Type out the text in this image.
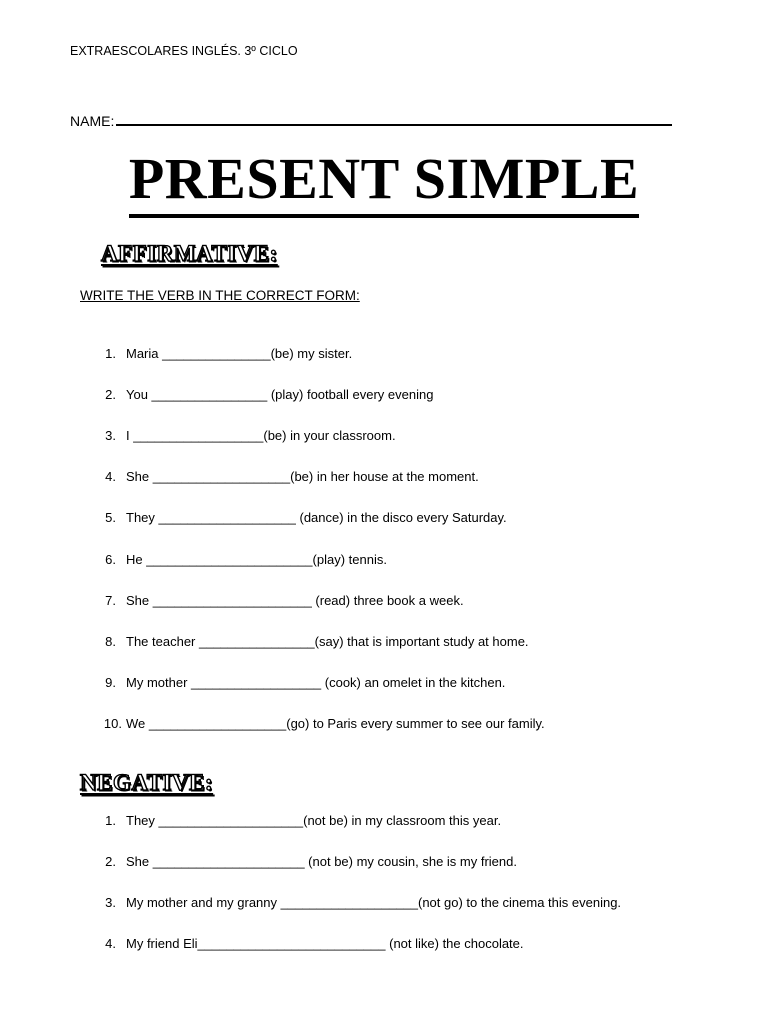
EXTRAESCOLARES INGLÉS. 3º CICLO
NAME:
PRESENT SIMPLE
AFFIRMATIVE:
WRITE THE VERB IN THE CORRECT FORM:
1. Maria _______________(be) my sister.
2. You ________________ (play) football every evening
3. I __________________(be) in your classroom.
4. She ___________________(be) in her house at the moment.
5. They ___________________ (dance) in the disco every Saturday.
6. He _______________________(play) tennis.
7. She ______________________ (read) three book a week.
8. The teacher ________________(say) that is important study at home.
9. My mother __________________ (cook) an omelet in the kitchen.
10. We ___________________(go) to Paris every summer to see our family.
NEGATIVE:
1. They ____________________(not be) in my classroom this year.
2. She _____________________ (not be) my cousin, she is my friend.
3. My mother and my granny ___________________(not go) to the cinema this evening.
4. My friend Eli__________________________ (not like) the chocolate.
